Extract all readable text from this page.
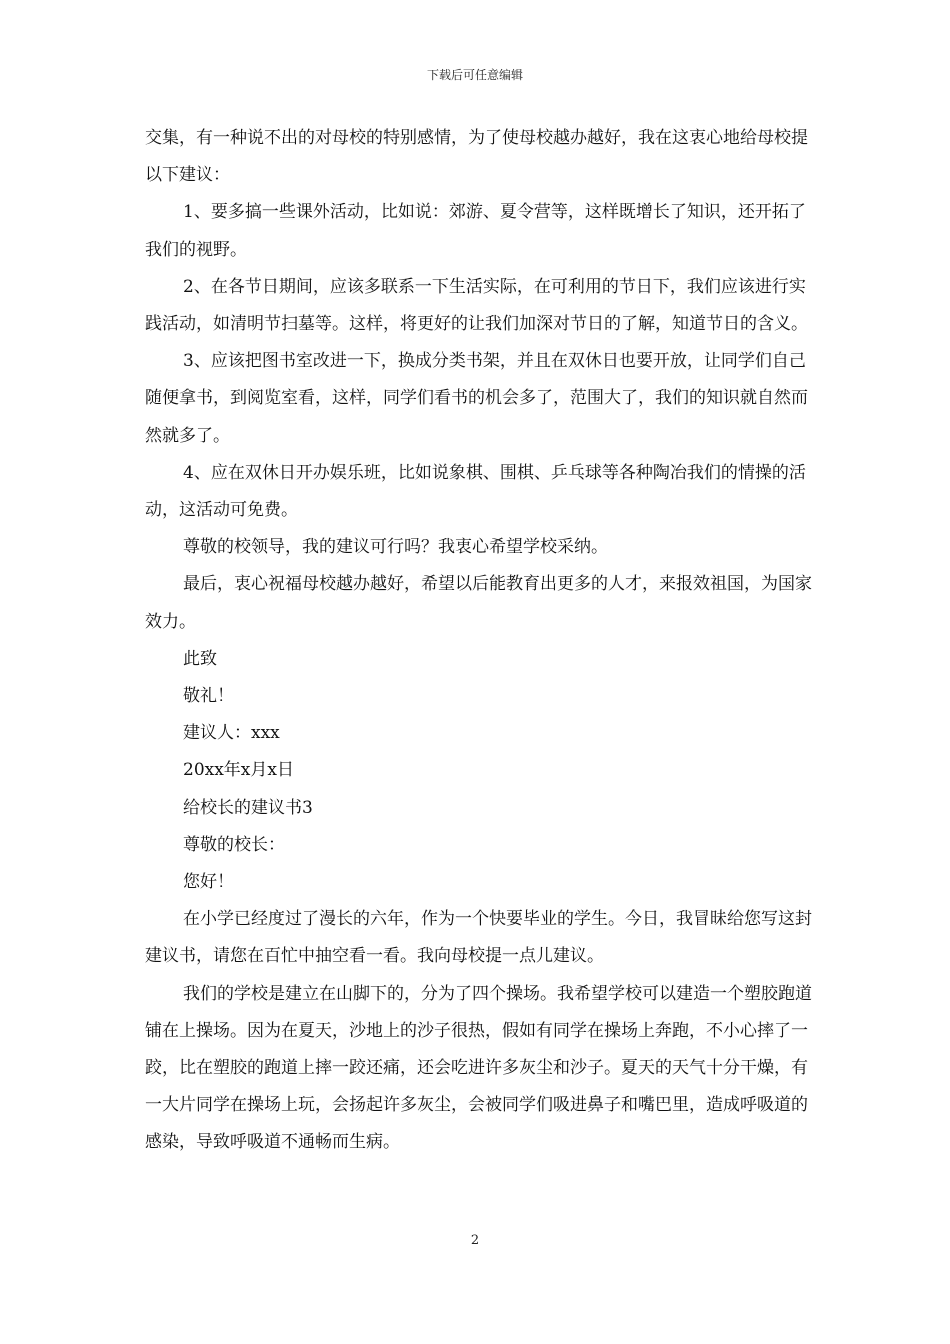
下载后可任意编辑

交集，有一种说不出的对母校的特别感情，为了使母校越办越好，我在这衷心地给母校提以下建议：

1、要多搞一些课外活动，比如说：郊游、夏令营等，这样既增长了知识，还开拓了我们的视野。

2、在各节日期间，应该多联系一下生活实际，在可利用的节日下，我们应该进行实践活动，如清明节扫墓等。这样，将更好的让我们加深对节日的了解，知道节日的含义。

3、应该把图书室改进一下，换成分类书架，并且在双休日也要开放，让同学们自己随便拿书，到阅览室看，这样，同学们看书的机会多了，范围大了，我们的知识就自然而然就多了。

4、应在双休日开办娱乐班，比如说象棋、围棋、乒乓球等各种陶冶我们的情操的活动，这活动可免费。

尊敬的校领导，我的建议可行吗？我衷心希望学校采纳。

最后，衷心祝福母校越办越好，希望以后能教育出更多的人才，来报效祖国，为国家效力。

此致

敬礼！

建议人：xxx

20xx年x月x日

给校长的建议书3

尊敬的校长：

您好！

在小学已经度过了漫长的六年，作为一个快要毕业的学生。今日，我冒昧给您写这封建议书，请您在百忙中抽空看一看。我向母校提一点儿建议。

我们的学校是建立在山脚下的，分为了四个操场。我希望学校可以建造一个塑胶跑道铺在上操场。因为在夏天，沙地上的沙子很热，假如有同学在操场上奔跑，不小心摔了一跤，比在塑胶的跑道上摔一跤还痛，还会吃进许多灰尘和沙子。夏天的天气十分干燥，有一大片同学在操场上玩，会扬起许多灰尘，会被同学们吸进鼻子和嘴巴里，造成呼吸道的感染，导致呼吸道不通畅而生病。

2
